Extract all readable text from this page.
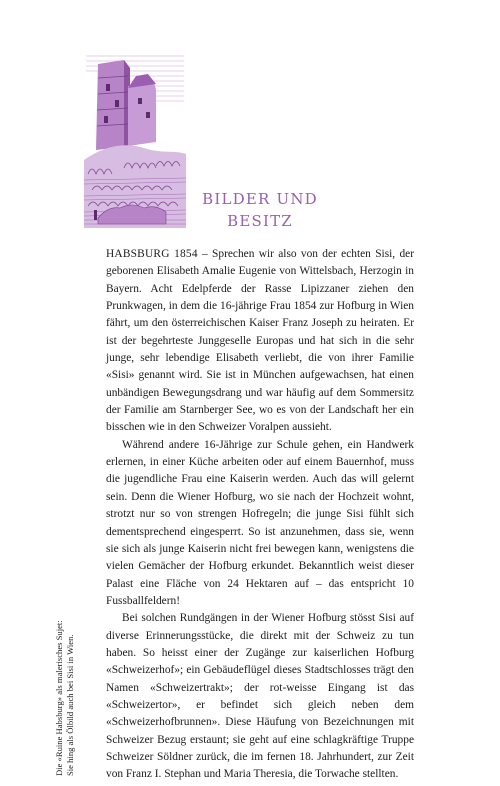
BILDER UND
BESITZ

HABSBURG 1854 – Sprechen wir also von der echten Sisi, der geborenen Elisabeth Amalie Eugenie von Wittelsbach, Herzogin in Bayern. Acht Edelpferde der Rasse Lipizzaner ziehen den Prunkwagen, in dem die 16-jährige Frau 1854 zur Hofburg in Wien fährt, um den österreichischen Kaiser Franz Joseph zu heiraten. Er ist der begehrteste Junggeselle Europas und hat sich in die sehr junge, sehr lebendige Elisabeth verliebt, die von ihrer Familie «Sisi» genannt wird. Sie ist in München aufgewachsen, hat einen unbändigen Bewegungsdrang und war häufig auf dem Sommersitz der Familie am Starnberger See, wo es von der Landschaft her ein bisschen wie in den Schweizer Voralpen aussieht.

Während andere 16-Jährige zur Schule gehen, ein Handwerk erlernen, in einer Küche arbeiten oder auf einem Bauernhof, muss die jugendliche Frau eine Kaiserin werden. Auch das will gelernt sein. Denn die Wiener Hofburg, wo sie nach der Hochzeit wohnt, strotzt nur so von strengen Hofregeln; die junge Sisi fühlt sich dementsprechend eingesperrt. So ist anzunehmen, dass sie, wenn sie sich als junge Kaiserin nicht frei bewegen kann, wenigstens die vielen Gemächer der Hofburg erkundet. Bekanntlich weist dieser Palast eine Fläche von 24 Hektaren auf – das entspricht 10 Fussballfeldern!

Bei solchen Rundgängen in der Wiener Hofburg stösst Sisi auf diverse Erinnerungsstücke, die direkt mit der Schweiz zu tun haben. So heisst einer der Zugänge zur kaiserlichen Hofburg «Schweizerhof»; ein Gebäudeflügel dieses Stadtschlosses trägt den Namen «Schweizertrakt»; der rot-weisse Eingang ist das «Schweizertor», er befindet sich gleich neben dem «Schweizerhofbrunnen». Diese Häufung von Bezeichnungen mit Schweizer Bezug erstaunt; sie geht auf eine schlagkräftige Truppe Schweizer Söldner zurück, die im fernen 18. Jahrhundert, zur Zeit von Franz I. Stephan und Maria Theresia, die Torwache stellten.

Die «Ruine Habsburg» als malerisches Sujet: Sie hing als Ölbild auch bei Sisi in Wien.
